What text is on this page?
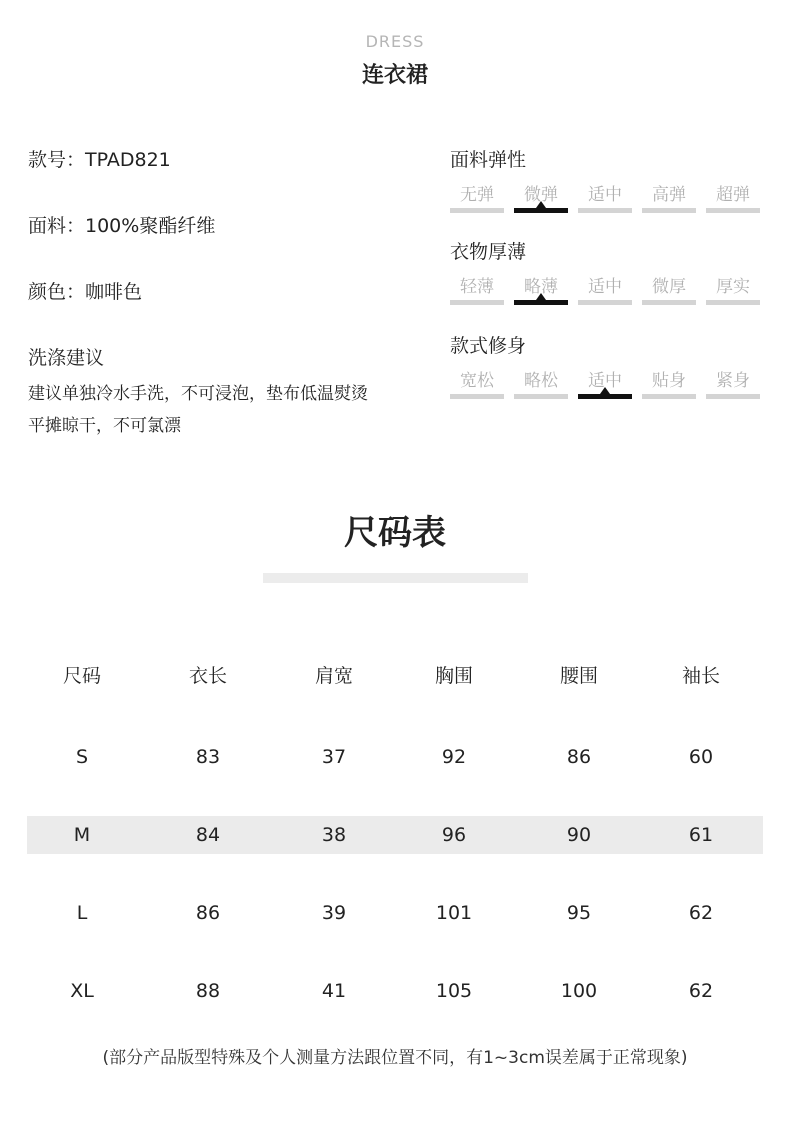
DRESS
连衣裙
款号：TPAD821
面料：100%聚酯纤维
颜色：咖啡色
洗涤建议
建议单独冷水手洗，不可浸泡，垫布低温熨烫
平摊晾干，不可氯漂
面料弹性
无弹	微弹	适中	高弹	超弹
衣物厚薄
轻薄	略薄	适中	微厚	厚实
款式修身
宽松	略松	适中	贴身	紧身
尺码表
尺码	衣长	肩宽	胸围	腰围	袖长
S	83	37	92	86	60
M	84	38	96	90	61
L	86	39	101	95	62
XL	88	41	105	100	62
(部分产品版型特殊及个人测量方法跟位置不同，有1~3cm误差属于正常现象)
